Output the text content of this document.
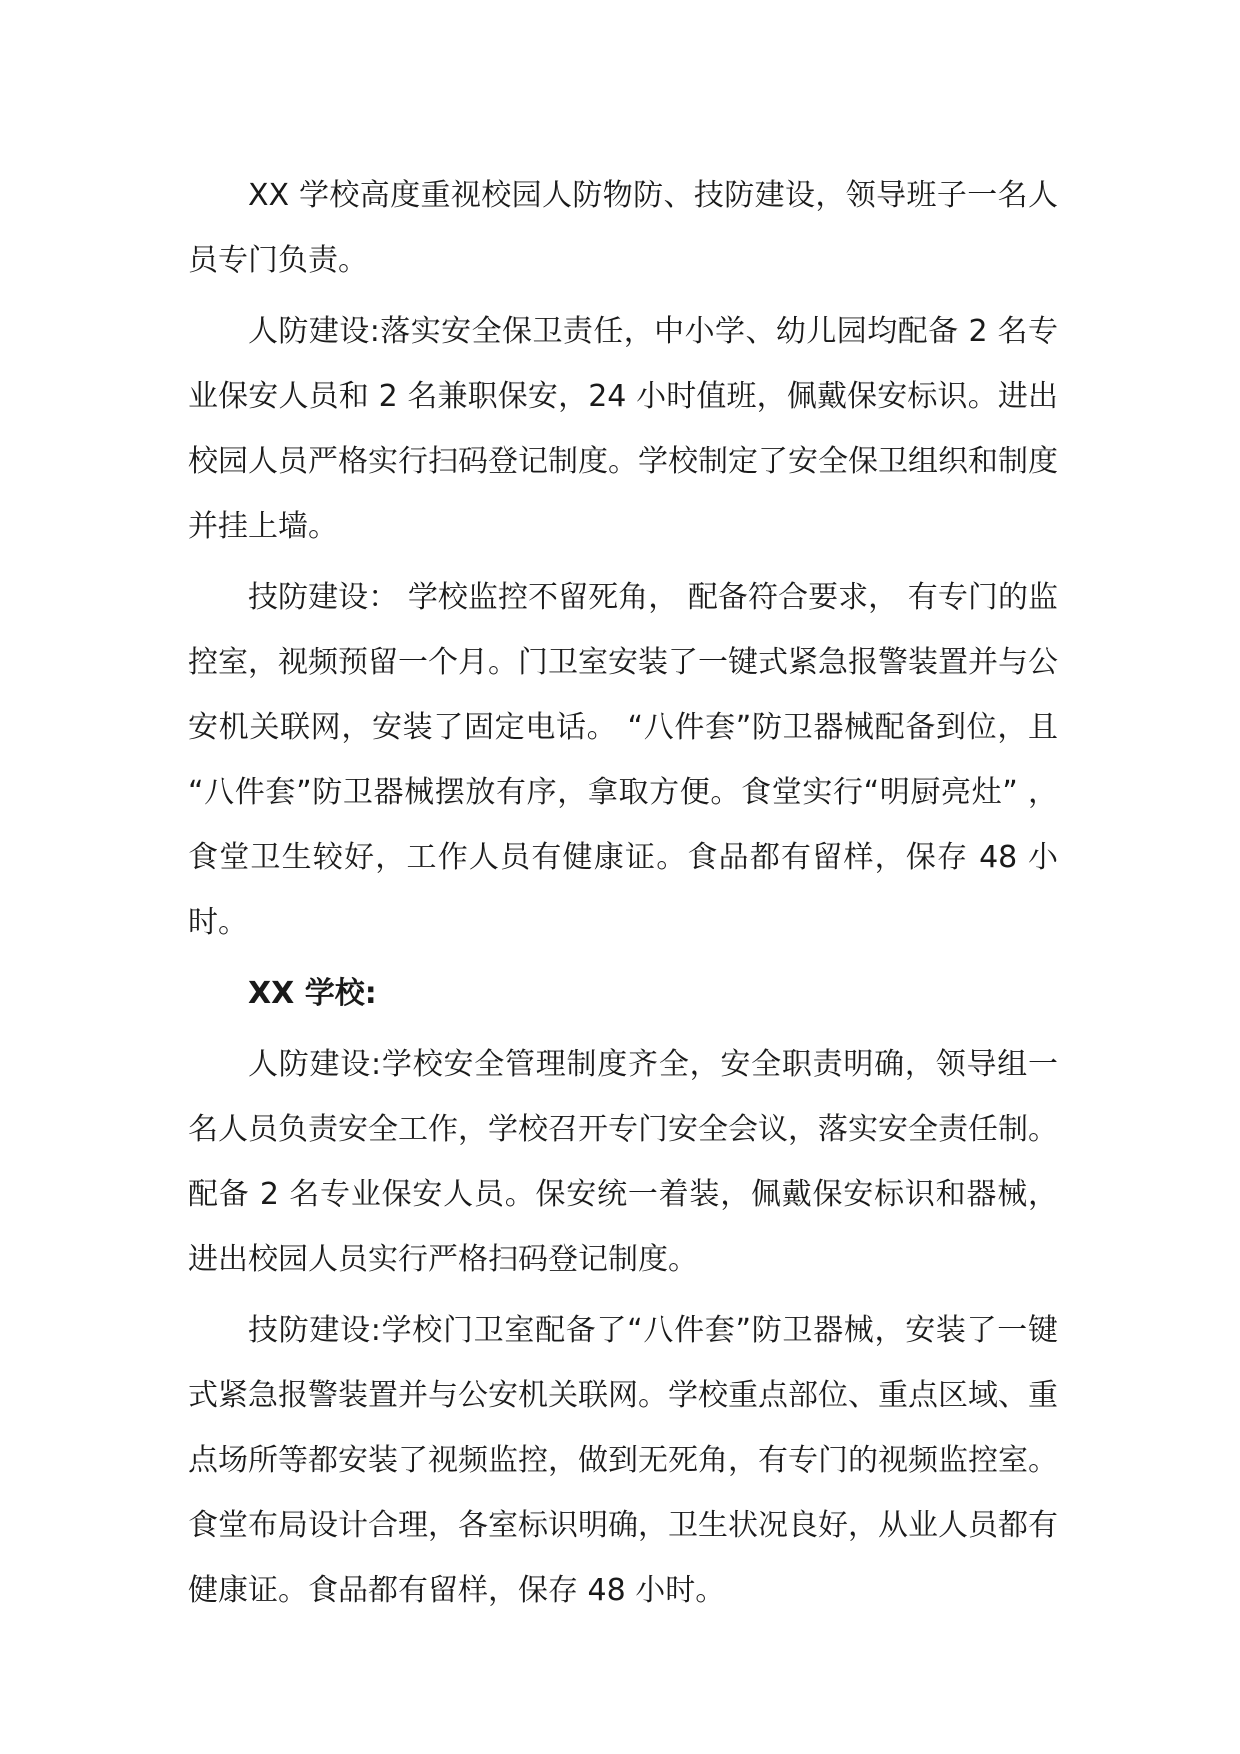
XX 学校高度重视校园人防物防、技防建设，领导班子一名人员专门负责。

人防建设:落实安全保卫责任，中小学、幼儿园均配备 2 名专业保安人员和 2 名兼职保安，24 小时值班，佩戴保安标识。进出校园人员严格实行扫码登记制度。学校制定了安全保卫组织和制度并挂上墙。

技防建设： 学校监控不留死角， 配备符合要求， 有专门的监控室，视频预留一个月。门卫室安装了一键式紧急报警装置并与公安机关联网，安装了固定电话。 “八件套”防卫器械配备到位，且 “八件套”防卫器械摆放有序，拿取方便。食堂实行“明厨亮灶” ，食堂卫生较好，工作人员有健康证。食品都有留样，保存 48 小时。

XX 学校:

人防建设:学校安全管理制度齐全，安全职责明确，领导组一名人员负责安全工作，学校召开专门安全会议，落实安全责任制。配备 2 名专业保安人员。保安统一着装，佩戴保安标识和器械，进出校园人员实行严格扫码登记制度。

技防建设:学校门卫室配备了“八件套”防卫器械，安装了一键式紧急报警装置并与公安机关联网。学校重点部位、重点区域、重点场所等都安装了视频监控，做到无死角，有专门的视频监控室。食堂布局设计合理，各室标识明确，卫生状况良好，从业人员都有健康证。食品都有留样，保存 48 小时。
